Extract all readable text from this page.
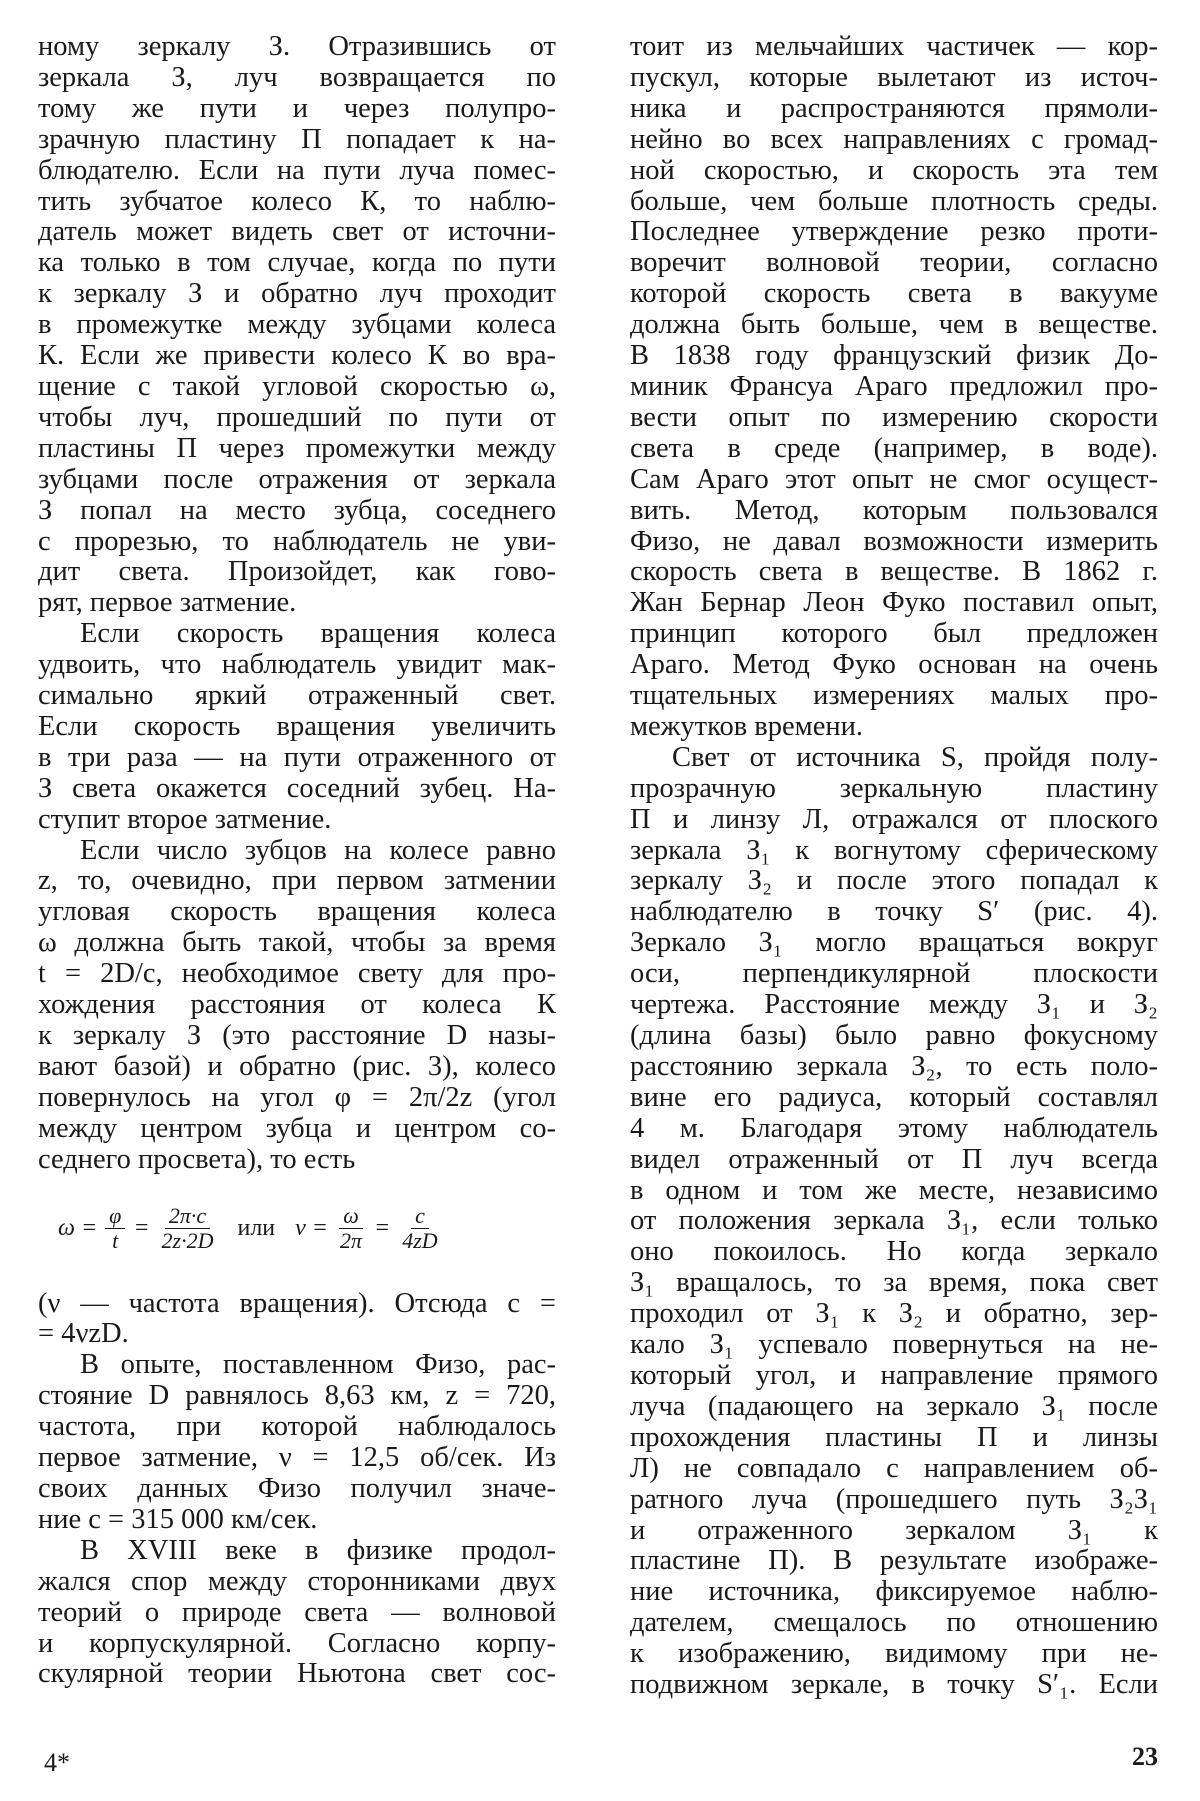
ному зеркалу З. Отразившись от

зеркала З, луч возвращается по

тому же пути и через полупро-

зрачную пластину П попадает к на-

блюдателю. Если на пути луча помес-

тить зубчатое колесо К, то наблю-

датель может видеть свет от источни-

ка только в том случае, когда по пути

к зеркалу З и обратно луч проходит

в промежутке между зубцами колеса

К. Если же привести колесо К во вра-

щение с такой угловой скоростью ω,

чтобы луч, прошедший по пути от

пластины П через промежутки между

зубцами после отражения от зеркала

З попал на место зубца, соседнего

с прорезью, то наблюдатель не уви-

дит света. Произойдет, как гово-

рят, первое затмение.

Если скорость вращения колеса

удвоить, что наблюдатель увидит мак-

симально яркий отраженный свет.

Если скорость вращения увеличить

в три раза — на пути отраженного от

З света окажется соседний зубец. На-

ступит второе затмение.

Если число зубцов на колесе равно

z, то, очевидно, при первом затмении

угловая скорость вращения колеса

ω должна быть такой, чтобы за время

t = 2D/c, необходимое свету для про-

хождения расстояния от колеса К

к зеркалу З (это расстояние D назы-

вают базой) и обратно (рис. 3), колесо

повернулось на угол φ = 2π/2z (угол

между центром зубца и центром со-

седнего просвета), то есть

$\omega = \frac{\varphi}{t} = \frac{2\pi\cdot c}{2z\cdot 2D}$ или $\nu = \frac{\omega}{2\pi} = \frac{c}{4zD}$

(ν — частота вращения). Отсюда c =

= 4νzD.

В опыте, поставленном Физо, рас-

стояние D равнялось 8,63 км, z = 720,

частота, при которой наблюдалось

первое затмение, ν = 12,5 об/сек. Из

своих данных Физо получил значе-

ние c = 315 000 км/сек.

В XVIII веке в физике продол-

жался спор между сторонниками двух

теорий о природе света — волновой

и корпускулярной. Согласно корпу-

скулярной теории Ньютона свет сос-

тоит из мельчайших частичек — кор-

пускул, которые вылетают из источ-

ника и распространяются прямоли-

нейно во всех направлениях с громад-

ной скоростью, и скорость эта тем

больше, чем больше плотность среды.

Последнее утверждение резко проти-

воречит волновой теории, согласно

которой скорость света в вакууме

должна быть больше, чем в веществе.

В 1838 году французский физик До-

миник Франсуа Араго предложил про-

вести опыт по измерению скорости

света в среде (например, в воде).

Сам Араго этот опыт не смог осущест-

вить. Метод, которым пользовался

Физо, не давал возможности измерить

скорость света в веществе. В 1862 г.

Жан Бернар Леон Фуко поставил опыт,

принцип которого был предложен

Араго. Метод Фуко основан на очень

тщательных измерениях малых про-

межутков времени.

Свет от источника S, пройдя полу-

прозрачную зеркальную пластину

П и линзу Л, отражался от плоского

зеркала З₁ к вогнутому сферическому

зеркалу З₂ и после этого попадал к

наблюдателю в точку S′ (рис. 4).

Зеркало З₁ могло вращаться вокруг

оси, перпендикулярной плоскости

чертежа. Расстояние между З₁ и З₂

(длина базы) было равно фокусному

расстоянию зеркала З₂, то есть поло-

вине его радиуса, который составлял

4 м. Благодаря этому наблюдатель

видел отраженный от П луч всегда

в одном и том же месте, независимо

от положения зеркала З₁, если только

оно покоилось. Но когда зеркало

З₁ вращалось, то за время, пока свет

проходил от З₁ к З₂ и обратно, зер-

кало З₁ успевало повернуться на не-

который угол, и направление прямого

луча (падающего на зеркало З₁ после

прохождения пластины П и линзы

Л) не совпадало с направлением об-

ратного луча (прошедшего путь З₂З₁

и отраженного зеркалом З₁ к

пластине П). В результате изображе-

ние источника, фиксируемое наблю-

дателем, смещалось по отношению

к изображению, видимому при не-

подвижном зеркале, в точку S′₁. Если

4*	23
